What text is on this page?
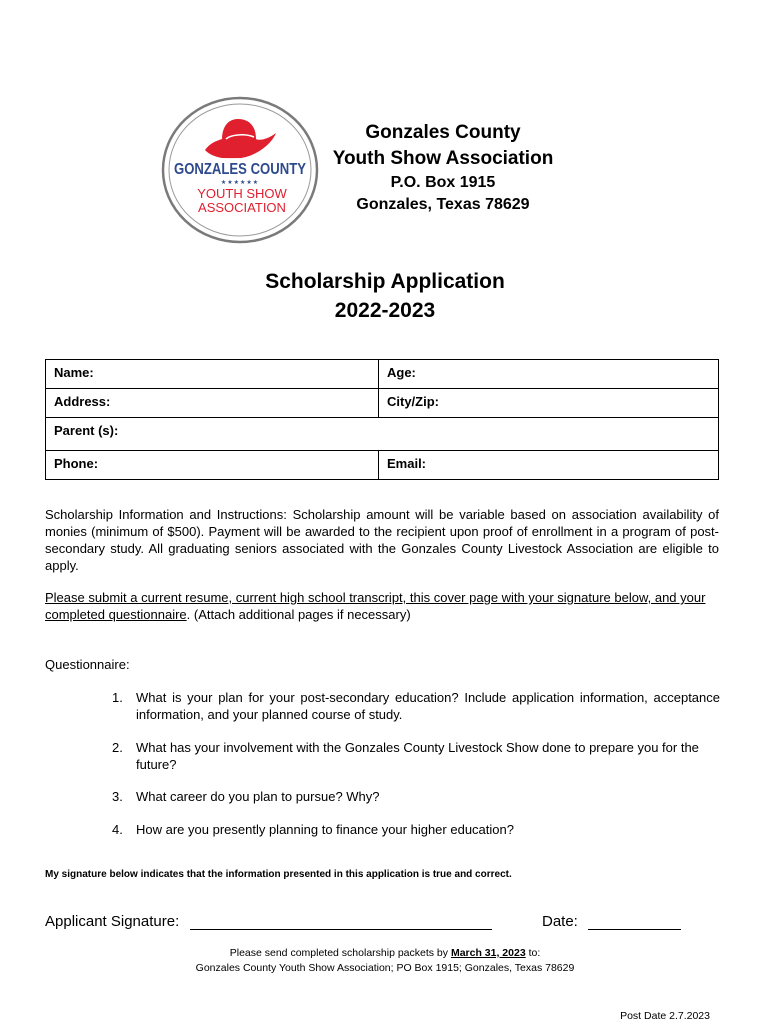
GONZALES COUNTY
★★★★★★
YOUTH SHOW
ASSOCIATION
Gonzales County
Youth Show Association
P.O. Box 1915
Gonzales, Texas 78629
Scholarship Application
2022-2023
Name:	Age:
Address:	City/Zip:
Parent (s):	
Phone:	Email:
Scholarship Information and Instructions: Scholarship amount will be variable based on association availability of monies (minimum of $500). Payment will be awarded to the recipient upon proof of enrollment in a program of post-secondary study. All graduating seniors associated with the Gonzales County Livestock Association are eligible to apply.
Please submit a current resume, current high school transcript, this cover page with your signature below, and your completed questionnaire. (Attach additional pages if necessary)
Questionnaire:
1. What is your plan for your post-secondary education? Include application information, acceptance information, and your planned course of study.
2. What has your involvement with the Gonzales County Livestock Show done to prepare you for the future?
3. What career do you plan to pursue? Why?
4. How are you presently planning to finance your higher education?
My signature below indicates that the information presented in this application is true and correct.
Applicant Signature:	Date:
Please send completed scholarship packets by March 31, 2023 to:
Gonzales County Youth Show Association; PO Box 1915; Gonzales, Texas 78629
Post Date 2.7.2023
